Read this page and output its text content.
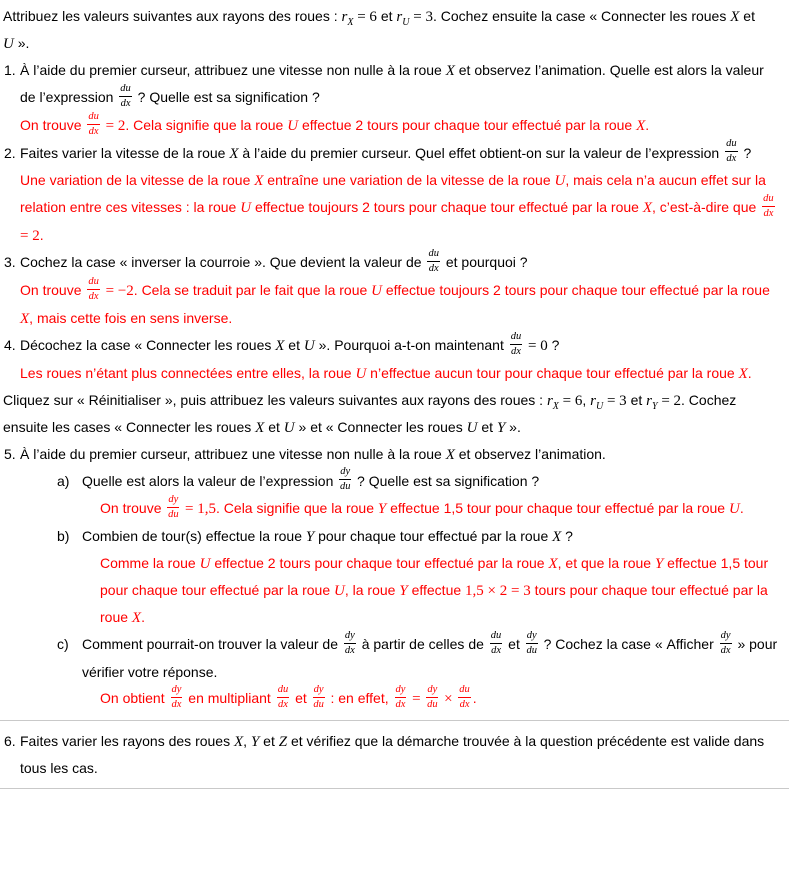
Attribuez les valeurs suivantes aux rayons des roues : $r_X = 6$ et $r_U = 3$. Cochez ensuite la case « Connecter les roues X et U ».
1. À l’aide du premier curseur, attribuez une vitesse non nulle à la roue X et observez l’animation. Quelle est alors la valeur de l’expression $\frac{du}{dx}$ ? Quelle est sa signification ?
On trouve $\frac{du}{dx} = 2$. Cela signifie que la roue U effectue 2 tours pour chaque tour effectué par la roue X.
2. Faites varier la vitesse de la roue X à l’aide du premier curseur. Quel effet obtient-on sur la valeur de l’expression $\frac{du}{dx}$ ?
Une variation de la vitesse de la roue X entraîne une variation de la vitesse de la roue U, mais cela n’a aucun effet sur la relation entre ces vitesses : la roue U effectue toujours 2 tours pour chaque tour effectué par la roue X, c’est-à-dire que $\frac{du}{dx}$
= 2.
3. Cochez la case « inverser la courroie ». Que devient la valeur de $\frac{du}{dx}$ et pourquoi ?
On trouve $\frac{du}{dx} = -2$. Cela se traduit par le fait que la roue U effectue toujours 2 tours pour chaque tour effectué par la roue X, mais cette fois en sens inverse.
4. Décochez la case « Connecter les roues X et U ». Pourquoi a-t-on maintenant $\frac{du}{dx} = 0$ ?
Les roues n’étant plus connectées entre elles, la roue U n’effectue aucun tour pour chaque tour effectué par la roue X.
Cliquez sur « Réinitialiser », puis attribuez les valeurs suivantes aux rayons des roues : $r_X = 6$, $r_U = 3$ et $r_Y = 2$. Cochez ensuite les cases « Connecter les roues X et U » et « Connecter les roues U et Y ».
5. À l’aide du premier curseur, attribuez une vitesse non nulle à la roue X et observez l’animation.
a) Quelle est alors la valeur de l’expression $\frac{dy}{du}$ ? Quelle est sa signification ?
On trouve $\frac{dy}{du} = 1,5$. Cela signifie que la roue Y effectue 1,5 tour pour chaque tour effectué par la roue U.
b) Combien de tour(s) effectue la roue Y pour chaque tour effectué par la roue X ?
Comme la roue U effectue 2 tours pour chaque tour effectué par la roue X, et que la roue Y effectue 1,5 tour pour chaque tour effectué par la roue U, la roue Y effectue 1,5 × 2 = 3 tours pour chaque tour effectué par la roue X.
c) Comment pourrait-on trouver la valeur de $\frac{dy}{dx}$ à partir de celles de $\frac{du}{dx}$ et $\frac{dy}{du}$ ? Cochez la case « Afficher $\frac{dy}{dx}$ » pour vérifier votre réponse.
On obtient $\frac{dy}{dx}$ en multipliant $\frac{du}{dx}$ et $\frac{dy}{du}$ : en effet, $\frac{dy}{dx} = \frac{dy}{du} \times \frac{du}{dx}$ .
6. Faites varier les rayons des roues X, Y et Z et vérifiez que la démarche trouvée à la question précédente est valide dans tous les cas.
